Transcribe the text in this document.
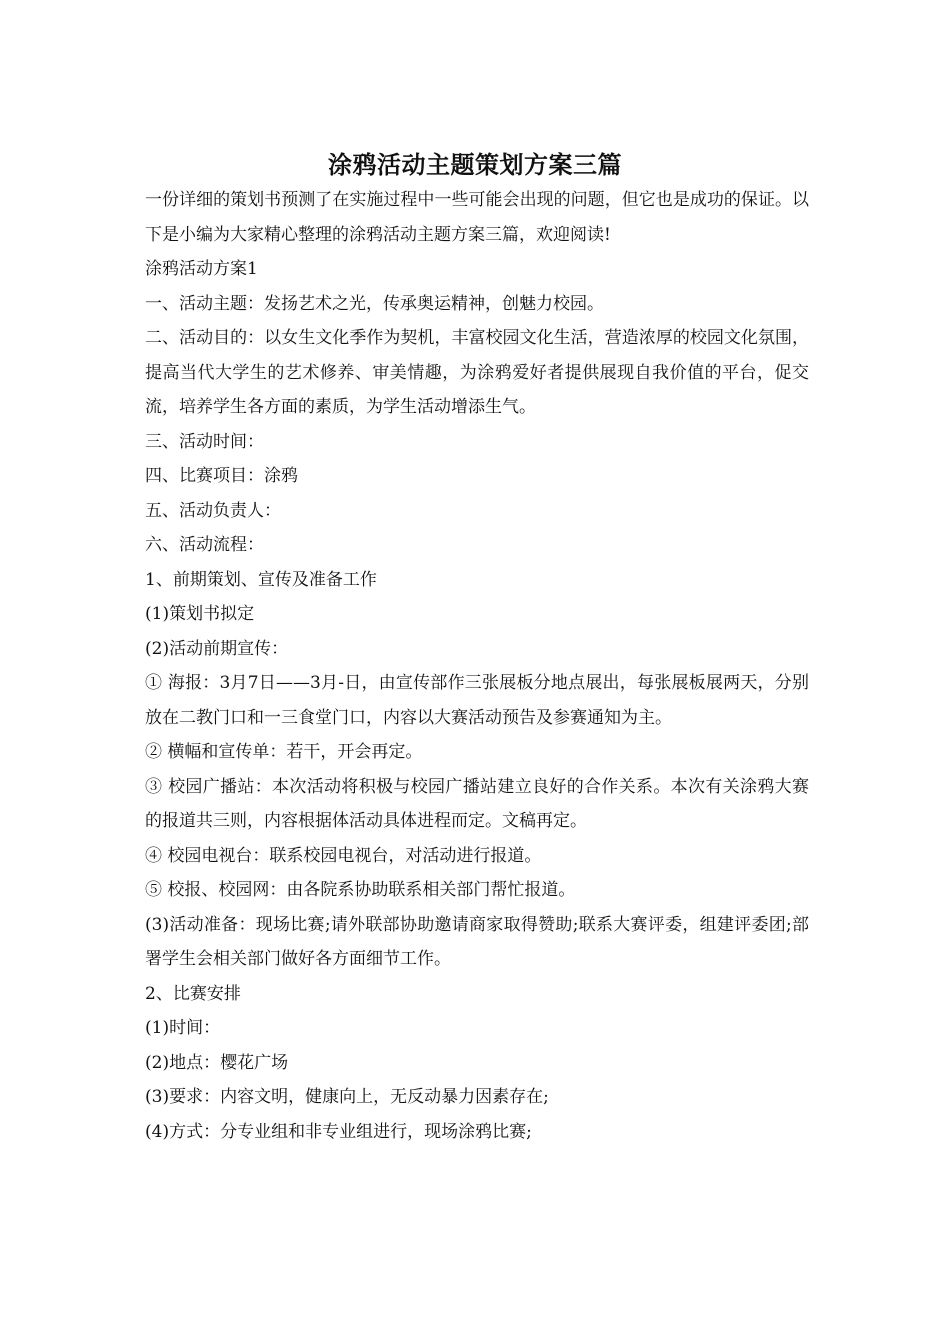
涂鸦活动主题策划方案三篇

一份详细的策划书预测了在实施过程中一些可能会出现的问题，但它也是成功的保证。以下是小编为大家精心整理的涂鸦活动主题方案三篇，欢迎阅读!

涂鸦活动方案1

一、活动主题：发扬艺术之光，传承奥运精神，创魅力校园。

二、活动目的：以女生文化季作为契机，丰富校园文化生活，营造浓厚的校园文化氛围，提高当代大学生的艺术修养、审美情趣，为涂鸦爱好者提供展现自我价值的平台，促交流，培养学生各方面的素质，为学生活动增添生气。

三、活动时间：

四、比赛项目：涂鸦

五、活动负责人：

六、活动流程：

1、前期策划、宣传及准备工作

(1)策划书拟定

(2)活动前期宣传：

① 海报：3月7日——3月-日，由宣传部作三张展板分地点展出，每张展板展两天，分别放在二教门口和一三食堂门口，内容以大赛活动预告及参赛通知为主。

② 横幅和宣传单：若干，开会再定。

③ 校园广播站：本次活动将积极与校园广播站建立良好的合作关系。本次有关涂鸦大赛的报道共三则，内容根据体活动具体进程而定。文稿再定。

④ 校园电视台：联系校园电视台，对活动进行报道。

⑤ 校报、校园网：由各院系协助联系相关部门帮忙报道。

(3)活动准备：现场比赛;请外联部协助邀请商家取得赞助;联系大赛评委，组建评委团;部署学生会相关部门做好各方面细节工作。

2、比赛安排

(1)时间：

(2)地点：樱花广场

(3)要求：内容文明，健康向上，无反动暴力因素存在;

(4)方式：分专业组和非专业组进行，现场涂鸦比赛;
